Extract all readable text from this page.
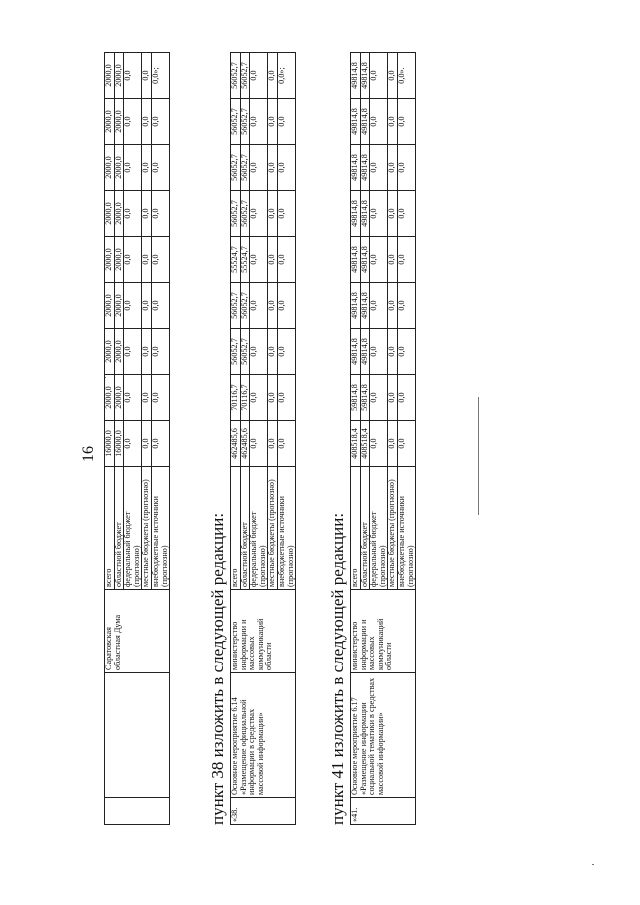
16
		Саратовская областная Дума	всего	16000,0	2000,0	2000,0	2000,0	2000,0	2000,0	2000,0	2000,0	2000,0
			областной бюджет	16000,0	2000,0	2000,0	2000,0	2000,0	2000,0	2000,0	2000,0	2000,0
			федеральный бюджет (прогнозно)	0,0	0,0	0,0	0,0	0,0	0,0	0,0	0,0	0,0
			местные бюджеты (прогнозно)	0,0	0,0	0,0	0,0	0,0	0,0	0,0	0,0	0,0
			внебюджетные источники (прогнозно)	0,0	0,0	0,0	0,0	0,0	0,0	0,0	0,0	0,0»;
пункт 38 изложить в следующей редакции: «38.	Основное мероприятие 6.14 «Размещение официальной информации в средствах массовой информации»	министерство информации и массовых коммуникаций области	всего	462485,6	70116,7	56052,7	56052,7	55524,7	56052,7	56052,7	56052,7	56052,7
			областной бюджет	462485,6	70116,7	56052,7	56052,7	55524,7	56052,7	56052,7	56052,7	56052,7
			федеральный бюджет (прогнозно)	0,0	0,0	0,0	0,0	0,0	0,0	0,0	0,0	0,0
			местные бюджеты (прогнозно)	0,0	0,0	0,0	0,0	0,0	0,0	0,0	0,0	0,0
			внебюджетные источники (прогнозно)	0,0	0,0	0,0	0,0	0,0	0,0	0,0	0,0	0,0»;
пункт 41 изложить в следующей редакции: «41.	Основное мероприятие 6.17 «Размещение информации социальной тематики в средствах массовой информации»	министерство информации и массовых коммуникаций области	всего	408518,4	59814,8	49814,8	49814,8	49814,8	49814,8	49814,8	49814,8	49814,8
			областной бюджет	408518,4	59814,8	49814,8	49814,8	49814,8	49814,8	49814,8	49814,8	49814,8
			федеральный бюджет (прогнозно)	0,0	0,0	0,0	0,0	0,0	0,0	0,0	0,0	0,0
			местные бюджеты (прогнозно)	0,0	0,0	0,0	0,0	0,0	0,0	0,0	0,0	0,0
			внебюджетные источники (прогнозно)	0,0	0,0	0,0	0,0	0,0	0,0	0,0	0,0	0,0».
